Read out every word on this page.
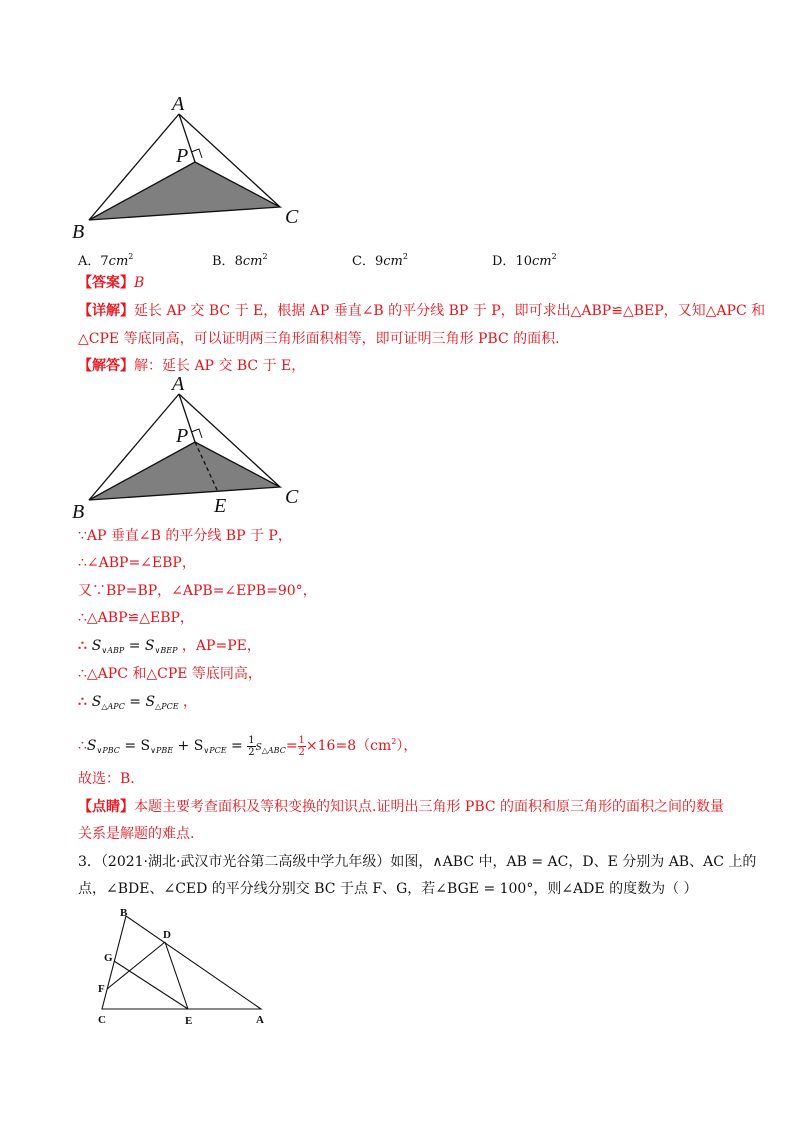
A
P
B
C
A．$7cm^2$	B．$8cm^2$	C．$9cm^2$	D．$10cm^2$
【答案】B
【详解】延长 AP 交 BC 于 E，根据 AP 垂直∠B 的平分线 BP 于 P，即可求出△ABP≌△BEP，又知△APC 和
△CPE 等底同高，可以证明两三角形面积相等，即可证明三角形 PBC 的面积.
【解答】解：延长 AP 交 BC 于 E，
A
P
B
C
E
∵AP 垂直∠B 的平分线 BP 于 P，
∴∠ABP=∠EBP，
又∵BP=BP，∠APB=∠EPB=90°，
∴△ABP≌△EBP，
∴ $S_{\vee ABP} = S_{\vee BEP}$ ，AP=PE，
∴△APC 和△CPE 等底同高，
∴ $S_{\triangle APC} = S_{\triangle PCE}$ ，
$\therefore S_{\vee PBC} = S_{\vee PBE} + S_{\vee PCE} = \frac{1}{2} S_{\triangle ABC}= \frac{1}{2} \times 16=8(cm^2)$，
故选：B.
【点睛】本题主要考查面积及等积变换的知识点.证明出三角形 PBC 的面积和原三角形的面积之间的数量
关系是解题的难点.
3．（2021·湖北·武汉市光谷第二高级中学九年级）如图，∧ABC 中，AB = AC，D、E 分别为 AB、AC 上的
点，∠BDE、∠CED 的平分线分别交 BC 于点 F、G，若∠BGE = 100°，则∠ADE 的度数为（ ）
B
D
G
F
C	E	A
